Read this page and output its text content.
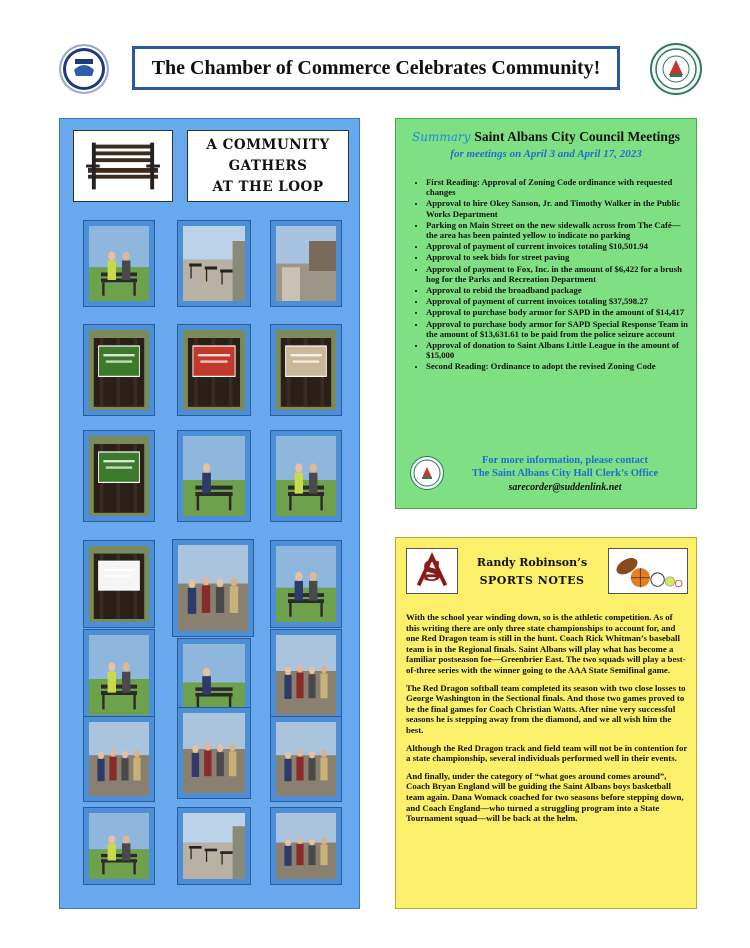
The Chamber of Commerce Celebrates Community!
A COMMUNITY
GATHERS
AT THE LOOP
Summary Saint Albans City Council Meetings
for meetings on April 3 and April 17, 2023
• First Reading: Approval of Zoning Code ordinance with requested changes
• Approval to hire Okey Sanson, Jr. and Timothy Walker in the Public Works Department
• Parking on Main Street on the new sidewalk across from The Café—the area has been painted yellow to indicate no parking
• Approval of payment of current invoices totaling $10,501.94
• Approval to seek bids for street paving
• Approval of payment to Fox, Inc. in the amount of $6,422 for a brush hog for the Parks and Recreation Department
• Approval to rebid the broadband package
• Approval of payment of current invoices totaling $37,598.27
• Approval to purchase body armor for SAPD in the amount of $14,417
• Approval to purchase body armor for SAPD Special Response Team in the amount of $13,631.61 to be paid from the police seizure account
• Approval of donation to Saint Albans Little League in the amount of $15,000
• Second Reading: Ordinance to adopt the revised Zoning Code
For more information, please contact
The Saint Albans City Hall Clerk’s Office
sarecorder@suddenlink.net
S	Randy Robinson’s
SPORTS NOTES

With the school year winding down, so is the athletic competition. As of this writing there are only three state championships to account for, and one Red Dragon team is still in the hunt. Coach Rick Whitman’s baseball team is in the Regional finals. Saint Albans will play what has become a familiar postseason foe—Greenbrier East. The two squads will play a best-of-three series with the winner going to the AAA State Semifinal game.

The Red Dragon softball team completed its season with two close losses to George Washington in the Sectional finals. And those two games proved to be the final games for Coach Christian Watts. After nine very successful seasons he is stepping away from the diamond, and we all wish him the best.

Although the Red Dragon track and field team will not be in contention for a state championship, several individuals performed well in their events.

And finally, under the category of “what goes around comes around”, Coach Bryan England will be guiding the Saint Albans boys basketball team again. Dana Womack coached for two seasons before stepping down, and Coach England—who turned a struggling program into a State Tournament squad—will be back at the helm.
